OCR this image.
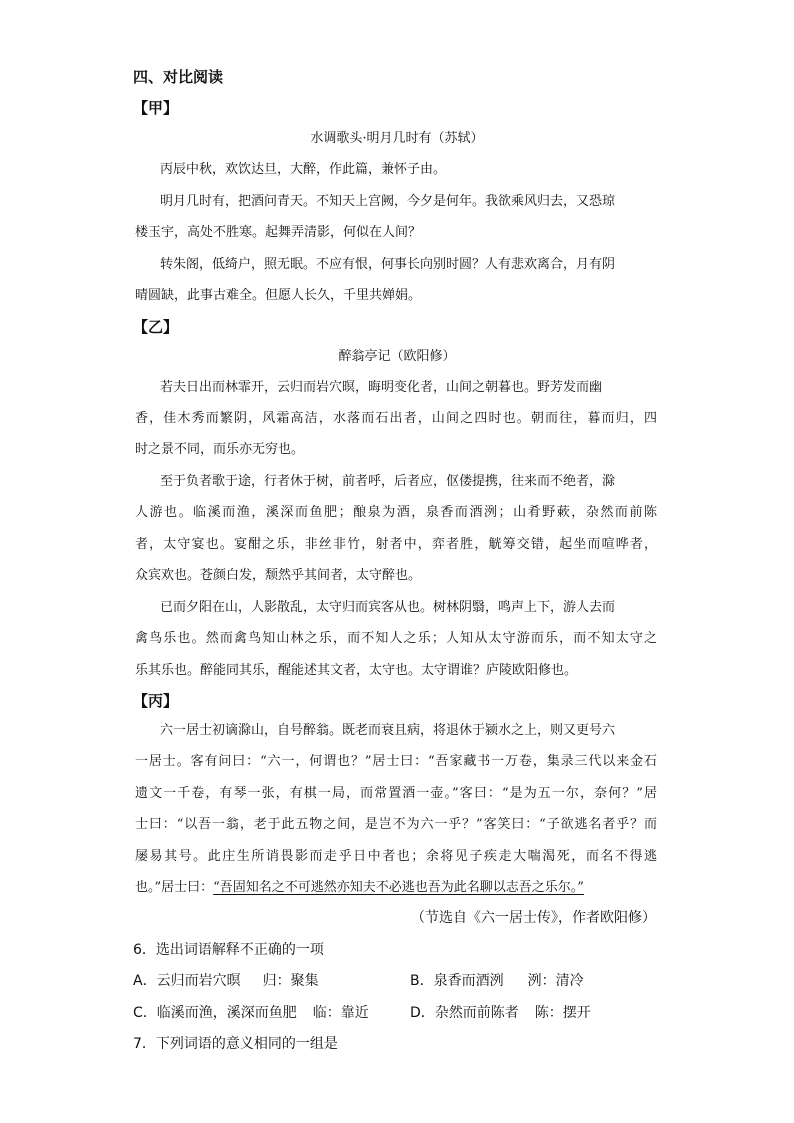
四、对比阅读
【甲】
水调歌头·明月几时有（苏轼）
丙辰中秋，欢饮达旦，大醉，作此篇，兼怀子由。
明月几时有，把酒问青天。不知天上宫阙，今夕是何年。我欲乘风归去，又恐琼
楼玉宇，高处不胜寒。起舞弄清影，何似在人间？
转朱阁，低绮户，照无眠。不应有恨，何事长向别时圆？人有悲欢离合，月有阴
晴圆缺，此事古难全。但愿人长久，千里共婵娟。
【乙】
醉翁亭记（欧阳修）
若夫日出而林霏开，云归而岩穴暝，晦明变化者，山间之朝暮也。野芳发而幽
香，佳木秀而繁阴，风霜高洁，水落而石出者，山间之四时也。朝而往，暮而归，四
时之景不同，而乐亦无穷也。
至于负者歌于途，行者休于树，前者呼，后者应，伛偻提携，往来而不绝者，滁
人游也。临溪而渔，溪深而鱼肥；酿泉为酒，泉香而酒洌；山肴野蔌，杂然而前陈
者，太守宴也。宴酣之乐，非丝非竹，射者中，弈者胜，觥筹交错，起坐而喧哗者，
众宾欢也。苍颜白发，颓然乎其间者，太守醉也。
已而夕阳在山，人影散乱，太守归而宾客从也。树林阴翳，鸣声上下，游人去而
禽鸟乐也。然而禽鸟知山林之乐，而不知人之乐；人知从太守游而乐，而不知太守之
乐其乐也。醉能同其乐，醒能述其文者，太守也。太守谓谁？庐陵欧阳修也。
【丙】
六一居士初谪滁山，自号醉翁。既老而衰且病，将退休于颍水之上，则又更号六
一居士。客有问曰：“六一，何谓也？”居士曰：“吾家藏书一万卷，集录三代以来金石
遗文一千卷，有琴一张，有棋一局，而常置酒一壶。”客曰：“是为五一尔，奈何？”居
士曰：“以吾一翁，老于此五物之间，是岂不为六一乎？”客笑曰：“子欲逃名者乎？而
屡易其号。此庄生所诮畏影而走乎日中者也；余将见子疾走大喘渴死，而名不得逃
也。”居士曰：“吾固知名之不可逃然亦知夫不必逃也吾为此名聊以志吾之乐尔。”
（节选自《六一居士传》，作者欧阳修）
6．选出词语解释不正确的一项
A．云归而岩穴暝 归：聚集	B．泉香而酒洌 洌：清冷
C．临溪而渔，溪深而鱼肥 临：靠近	D．杂然而前陈者 陈：摆开
7．下列词语的意义相同的一组是
